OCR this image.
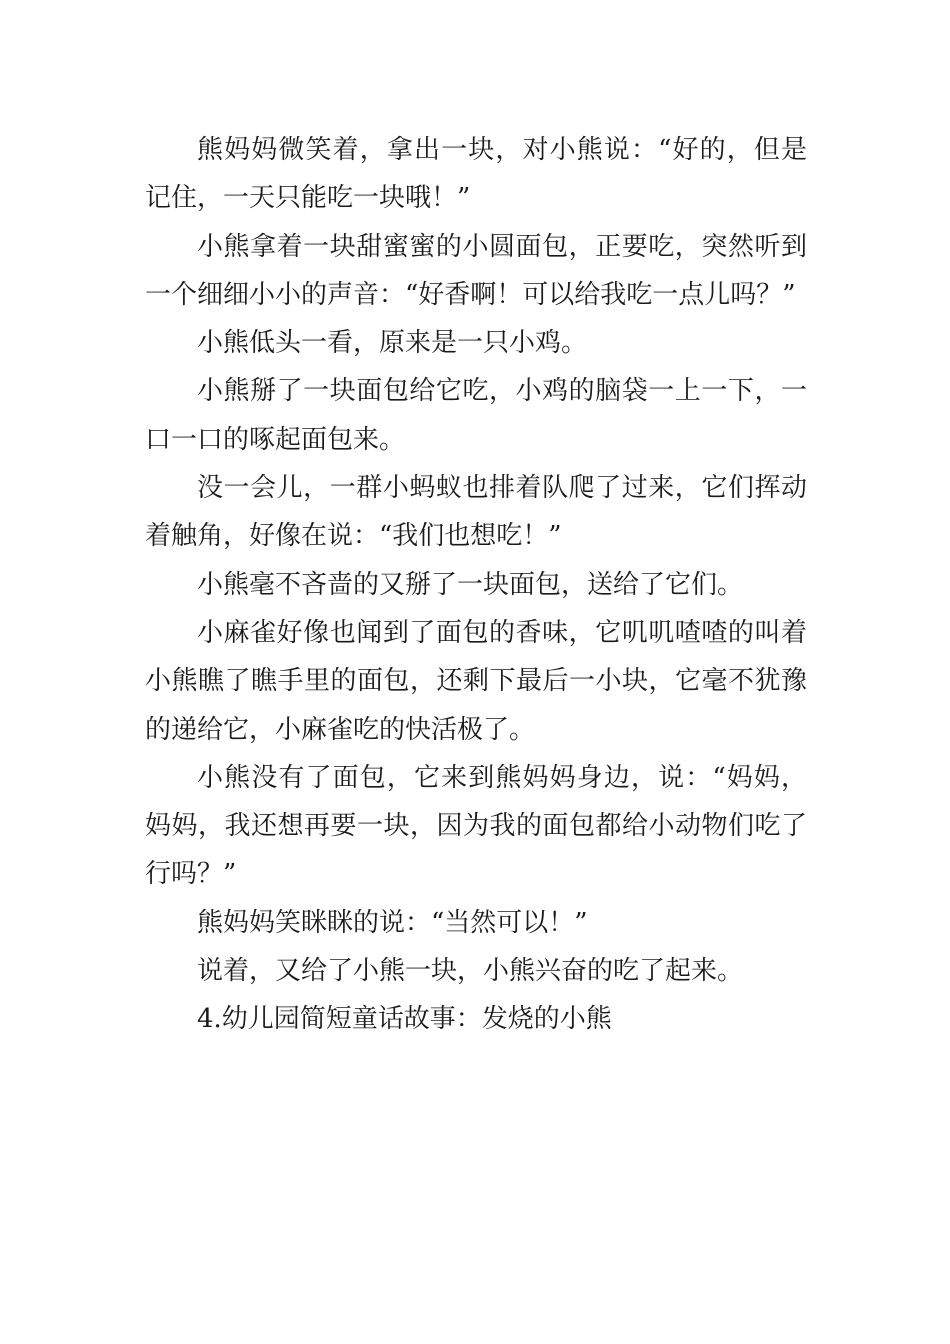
熊妈妈微笑着，拿出一块，对小熊说：“好的，但是记住，一天只能吃一块哦！”

小熊拿着一块甜蜜蜜的小圆面包，正要吃，突然听到一个细细小小的声音：“好香啊！可以给我吃一点儿吗？”

小熊低头一看，原来是一只小鸡。

小熊掰了一块面包给它吃，小鸡的脑袋一上一下，一口一口的啄起面包来。

没一会儿，一群小蚂蚁也排着队爬了过来，它们挥动着触角，好像在说：“我们也想吃！”

小熊毫不吝啬的又掰了一块面包，送给了它们。

小麻雀好像也闻到了面包的香味，它叽叽喳喳的叫着小熊瞧了瞧手里的面包，还剩下最后一小块，它毫不犹豫的递给它，小麻雀吃的快活极了。

小熊没有了面包，它来到熊妈妈身边，说：“妈妈，妈妈，我还想再要一块，因为我的面包都给小动物们吃了行吗？”

熊妈妈笑眯眯的说：“当然可以！”

说着，又给了小熊一块，小熊兴奋的吃了起来。

4.幼儿园简短童话故事：发烧的小熊
